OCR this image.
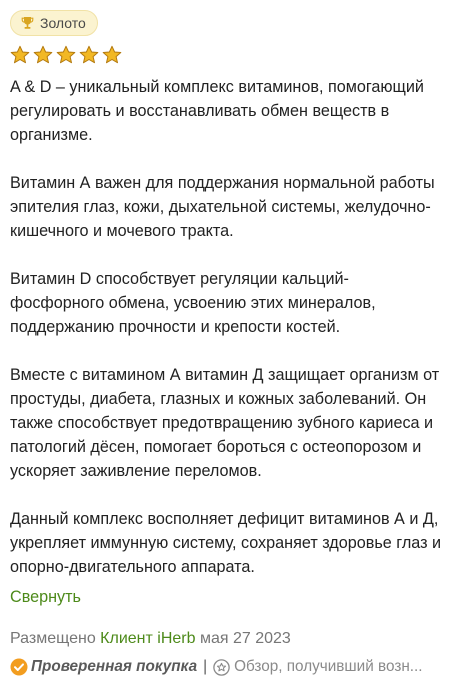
Золото

A & D – уникальный комплекс витаминов, помогающий регулировать и восстанавливать обмен веществ в организме.

Витамин А важен для поддержания нормальной работы эпителия глаз, кожи, дыхательной системы, желудочно-кишечного и мочевого тракта.

Витамин D способствует регуляции кальций-фосфорного обмена, усвоению этих минералов, поддержанию прочности и крепости костей.

Вместе с витамином А витамин Д защищает организм от простуды, диабета, глазных и кожных заболеваний. Он также способствует предотвращению зубного кариеса и патологий дёсен, помогает бороться с остеопорозом и ускоряет заживление переломов.

Данный комплекс восполняет дефицит витаминов А и Д, укрепляет иммунную систему, сохраняет здоровье глаз и опорно-двигательного аппарата.

Свернуть
Размещено Клиент iHerb мая 27 2023
Проверенная покупка | Обзор, получивший возн...
